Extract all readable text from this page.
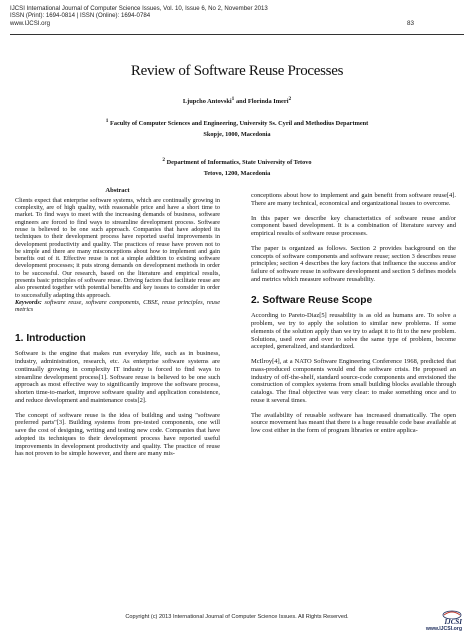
IJCSI International Journal of Computer Science Issues, Vol. 10, Issue 6, No 2, November 2013
ISSN (Print): 1694-0814 | ISSN (Online): 1694-0784
www.IJCSI.org	83
Review of Software Reuse Processes
Ljupcho Antovski$^1$ and Florinda Imeri$^2$
$^1$ Faculty of Computer Sciences and Engineering, University Ss. Cyril and Methodius Department
Skopje, 1000, Macedonia
$^2$ Department of Informatics, State University of Tetovo
Tetovo, 1200, Macedonia
Abstract

Clients expect that enterprise software systems, which are continually growing in complexity, are of high quality, with reasonable price and have a short time to market. To find ways to meet with the increasing demands of business, software engineers are forced to find ways to streamline development process. Software reuse is believed to be one such approach. Companies that have adopted its techniques to their development process have reported useful improvements in development productivity and quality. The practices of reuse have proven not to be simple and there are many misconceptions about how to implement and gain benefits out of it. Effective reuse is not a simple addition to existing software development processes; it puts strong demands on development methods in order to be successful. Our research, based on the literature and empirical results, presents basic principles of software reuse. Driving factors that facilitate reuse are also presented together with potential benefits and key issues to consider in order to successfully adapting this approach.

Keywords: software reuse, software components, CBSE, reuse principles, reuse metrics

1. Introduction

Software is the engine that makes run everyday life, such as in business, industry, administration, research, etc. As enterprise software systems are continually growing in complexity IT industry is forced to find ways to streamline development process[1]. Software reuse is believed to be one such approach as most effective way to significantly improve the software process, shorten time-to-market, improve software quality and application consistence, and reduce development and maintenance costs[2].

The concept of software reuse is the idea of building and using "software preferred parts"[3]. Building systems from pre-tested components, one will save the cost of designing, writing and testing new code. Companies that have adopted its techniques to their development process have reported useful improvements in development productivity and quality. The practice of reuse has not proven to be simple however, and there are many mis-

conceptions about how to implement and gain benefit from software reuse[4]. There are many technical, economical and organizational issues to overcome.

In this paper we describe key characteristics of software reuse and/or component based development. It is a combination of literature survey and empirical results of software reuse processes.

The paper is organized as follows. Section 2 provides background on the concepts of software components and software reuse; section 3 describes reuse principles; section 4 describes the key factors that influence the success and/or failure of software reuse in software development and section 5 defines models and metrics which measure software reusability.

2. Software Reuse Scope

According to Pareto-Diaz[5] reusability is as old as humans are. To solve a problem, we try to apply the solution to similar new problems. If some elements of the solution apply than we try to adapt it to fit to the new problem. Solutions, used over and over to solve the same type of problem, become accepted, generalized, and standardized.

McIlroy[4], at a NATO Software Engineering Conference 1968, predicted that mass-produced components would end the software crisis. He proposed an industry of off-the-shelf, standard source-code components and envisioned the construction of complex systems from small building blocks available through catalogs. The final objective was very clear: to make something once and to reuse it several times.

The availability of reusable software has increased dramatically. The open source movement has meant that there is a huge reusable code base available at low cost either in the form of program libraries or entire applica-

Copyright (c) 2013 International Journal of Computer Science Issues. All Rights Reserved.
IJCSI
www.IJCSI.org
